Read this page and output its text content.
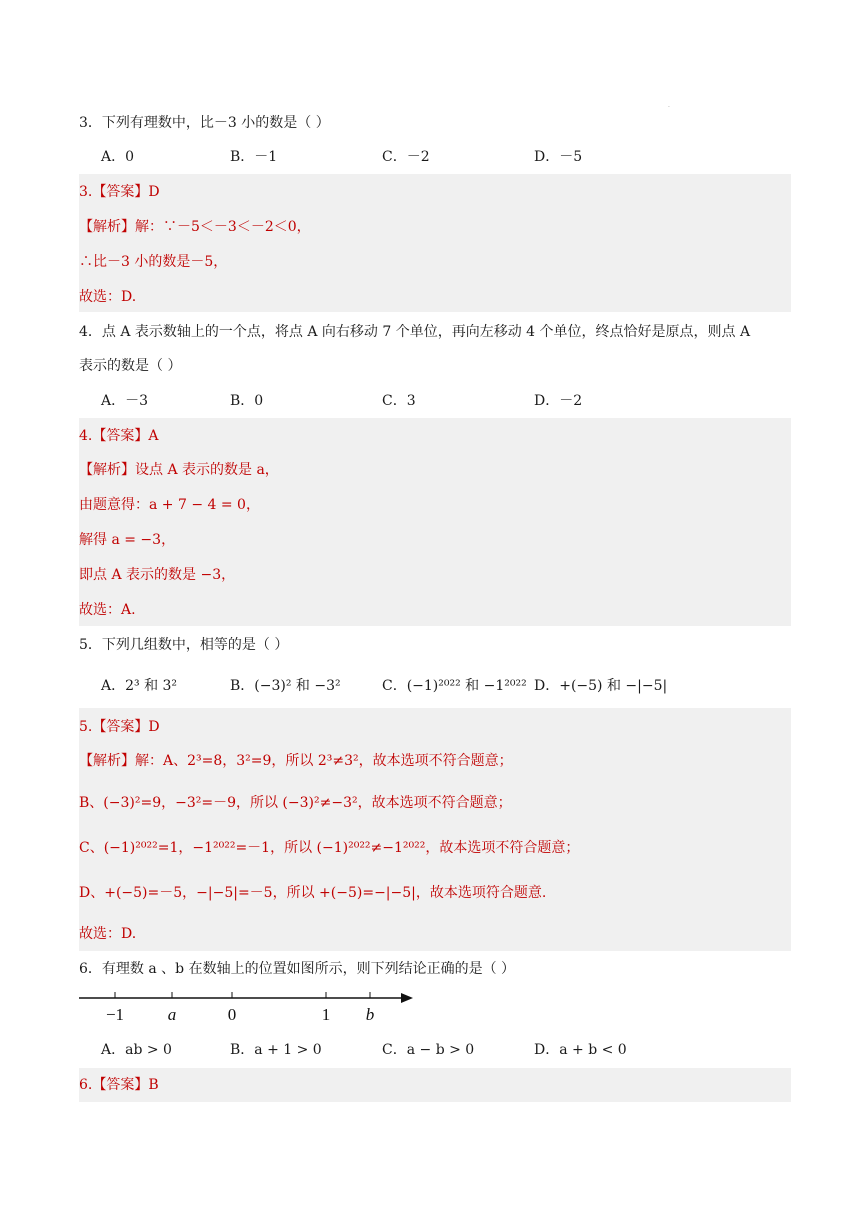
·
3．下列有理数中，比－3 小的数是（ ）
A．0	B．－1	C．－2	D．－5
3.【答案】D
【解析】解：∵－5＜－3＜－2＜0，
∴比－3 小的数是－5，
故选：D.
4．点 A 表示数轴上的一个点，将点 A 向右移动 7 个单位，再向左移动 4 个单位，终点恰好是原点，则点 A
表示的数是（ ）
A．－3	B．0	C．3	D．－2
4.【答案】A
【解析】设点 A 表示的数是 a，
由题意得：a + 7 − 4 = 0，
解得 a = −3，
即点 A 表示的数是 −3，
故选：A.
5．下列几组数中，相等的是（ ）
A．2³ 和 3²	B．(−3)² 和 −3²	C．(−1)²⁰²² 和 −1²⁰²² D．+(−5) 和 −|−5|
5.【答案】D
【解析】解：A、2³=8，3²=9，所以 2³≠3²，故本选项不符合题意；
B、(−3)²=9，−3²=－9，所以 (−3)²≠−3²，故本选项不符合题意；
C、(−1)²⁰²²=1，−1²⁰²²=－1，所以 (−1)²⁰²²≠−1²⁰²²，故本选项不符合题意；
D、+(−5)=－5，−|−5|=－5，所以 +(−5)=−|−5|，故本选项符合题意.
故选：D.
6．有理数 a 、b 在数轴上的位置如图所示，则下列结论正确的是（ ）
−1	a	0	1 b
A．ab > 0	B．a + 1 > 0	C．a − b > 0	D．a + b < 0
6.【答案】B
